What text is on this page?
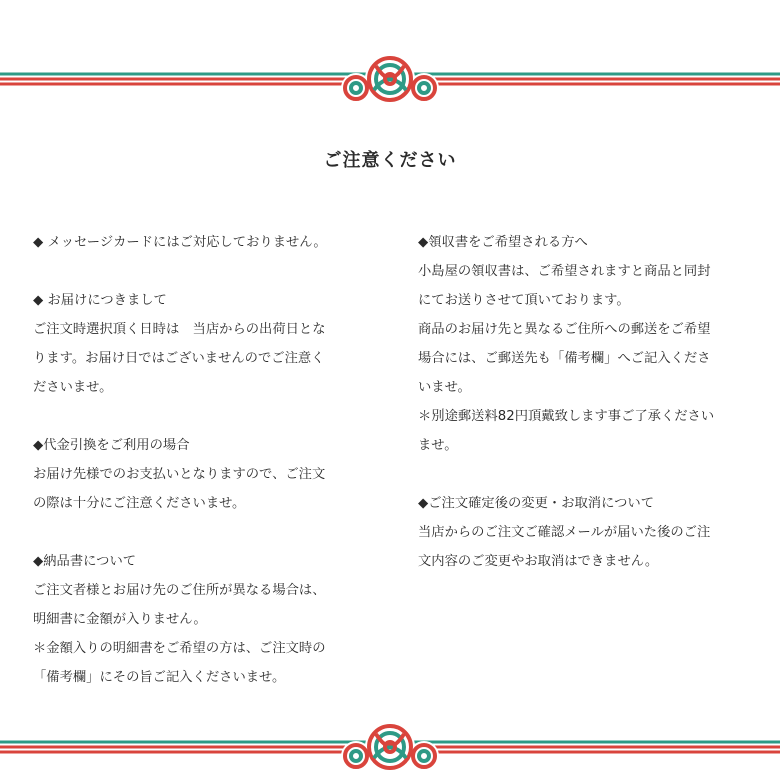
ご注意ください
◆ メッセージカードにはご対応しておりません。
◆ お届けにつきまして
ご注文時選択頂く日時は　当店からの出荷日とな
ります。お届け日ではございませんのでご注意く
ださいませ。
◆代金引換をご利用の場合
お届け先様でのお支払いとなりますので、ご注文
の際は十分にご注意くださいませ。
◆納品書について
ご注文者様とお届け先のご住所が異なる場合は、
明細書に金額が入りません。
＊金額入りの明細書をご希望の方は、ご注文時の
「備考欄」にその旨ご記入くださいませ。
◆領収書をご希望される方へ
小島屋の領収書は、ご希望されますと商品と同封
にてお送りさせて頂いております。
商品のお届け先と異なるご住所への郵送をご希望
場合には、ご郵送先も「備考欄」へご記入くださ
いませ。
＊別途郵送料82円頂戴致します事ご了承ください
ませ。
◆ご注文確定後の変更・お取消について
当店からのご注文ご確認メールが届いた後のご注
文内容のご変更やお取消はできません。
